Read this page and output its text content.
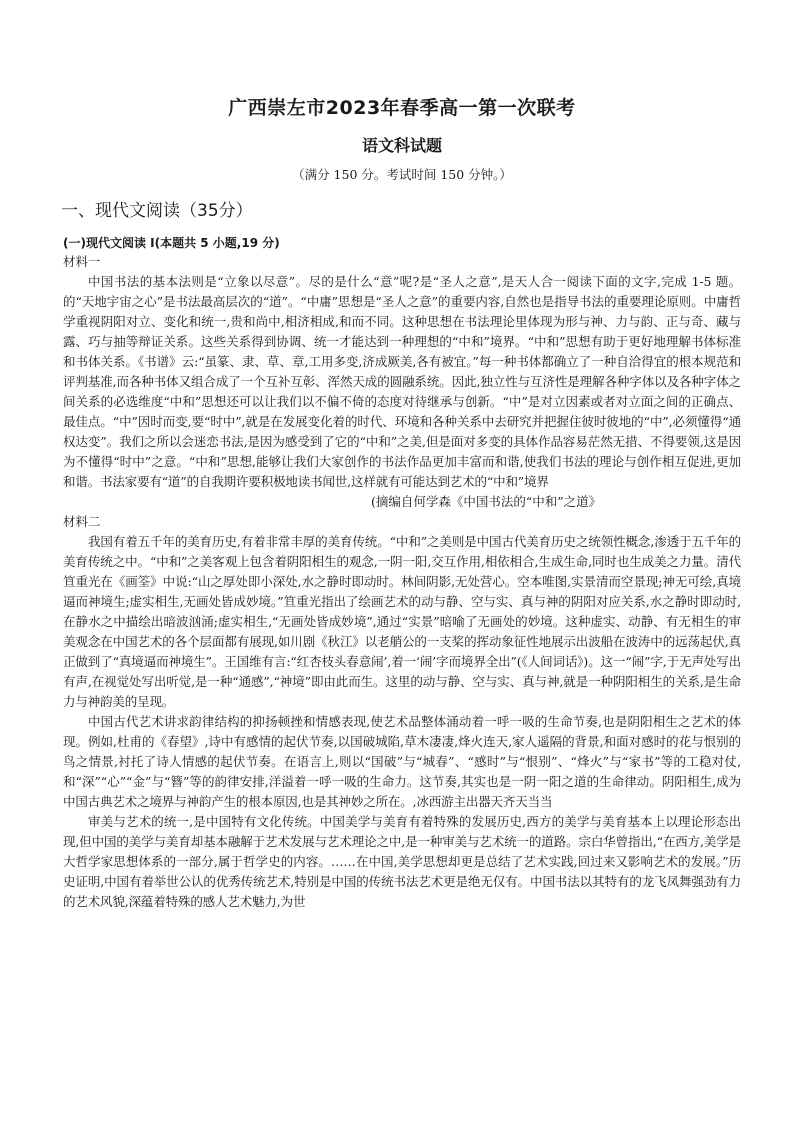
广西崇左市2023年春季高一第一次联考
语文科试题
（满分 150 分。考试时间 150 分钟。）
一、现代文阅读（35分）
(一)现代文阅读 I(本题共 5 小题,19 分)
材料一

中国书法的基本法则是“立象以尽意”。尽的是什么“意”呢?是“圣人之意”,是天人合一阅读下面的文字,完成 1-5 题。的“天地宇宙之心”是书法最高层次的“道”。“中庸”思想是“圣人之意”的重要内容,自然也是指导书法的重要理论原则。中庸哲学重视阴阳对立、变化和统一,贵和尚中,相济相成,和而不同。这种思想在书法理论里体现为形与神、力与韵、正与奇、藏与露、巧与抽等辩证关系。这些关系得到协调、统一才能达到一种理想的“中和”境界。“中和”思想有助于更好地理解书体标准和书体关系。《书谱》云:“虽篆、隶、草、章,工用多变,济成厥美,各有被宜。”每一种书体都确立了一种自洽得宜的根本规范和评判基准,而各种书体又组合成了一个互补互彰、浑然天成的圆融系统。因此,独立性与互济性是理解各种字体以及各种字体之间关系的必选维度“中和”思想还可以让我们以不偏不倚的态度对待继承与创新。“中”是对立因素或者对立面之间的正确点、最佳点。“中”因时而变,要“时中”,就是在发展变化着的时代、环境和各种关系中去研究并把握住彼时彼地的“中”,必须懂得“通权达变”。我们之所以会迷恋书法,是因为感受到了它的“中和”之美,但是面对多变的具体作品容易茫然无措、不得要领,这是因为不懂得“时中”之意。“中和”思想,能够让我们大家创作的书法作品更加丰富而和谐,使我们书法的理论与创作相互促进,更加和谐。书法家要有“道”的自我期许要积极地读书闻世,这样就有可能达到艺术的“中和”境界

(摘编自何学森《中国书法的“中和”之道》

材料二

我国有着五千年的美育历史,有着非常丰厚的美育传统。“中和”之美则是中国古代美育历史之统领性概念,渗透于五千年的美育传统之中。“中和”之美客观上包含着阴阳相生的观念,一阴一阳,交互作用,相依相合,生成生命,同时也生成美之力量。清代笪重光在《画筌》中说:“山之厚处即小深处,水之静时即动时。林间阴影,无处营心。空本唯图,实景清而空景现;神无可绘,真境逼而神境生;虚实相生,无画处皆成妙境。”笪重光指出了绘画艺术的动与静、空与实、真与神的阴阳对应关系,水之静时即动时,在静水之中描绘出暗波汹涌;虚实相生,“无画处皆成妙境”,通过“实景”暗喻了无画处的妙境。这种虚实、动静、有无相生的审美观念在中国艺术的各个层面都有展现,如川剧《秋江》以老艄公的一支桨的挥动象征性地展示出波船在波涛中的远荡起伏,真正做到了“真境逼而神境生”。王国维有言:“红杏枝头春意闹’,着一‘闹’字而境界全出”(《人间词话》)。这一“闹”字,于无声处写出有声,在视觉处写出听觉,是一种“通感”,“神境”即由此而生。这里的动与静、空与实、真与神,就是一种阴阳相生的关系,是生命力与神韵美的呈现。

中国古代艺术讲求韵律结构的抑扬顿挫和情感表现,使艺术品整体涌动着一呼一吸的生命节奏,也是阴阳相生之艺术的体现。例如,杜甫的《春望》,诗中有感情的起伏节奏,以国破城陷,草木凄凄,烽火连天,家人遥隔的背景,和面对感时的花与恨别的鸟之情景,衬托了诗人情感的起伏节奏。在语言上,则以“国破”与“城春”、“感时”与“恨别”、“烽火”与“家书”等的工稳对仗,和“深”“心”“金”与“簪”等的韵律安排,洋溢着一呼一吸的生命力。这节奏,其实也是一阴一阳之道的生命律动。阴阳相生,成为中国古典艺术之境界与神韵产生的根本原因,也是其神妙之所在。,冰西游主出器天齐天当当

审美与艺术的统一,是中国特有文化传统。中国美学与美育有着特殊的发展历史,西方的美学与美育基本上以理论形态出现,但中国的美学与美育却基本融解于艺术发展与艺术理论之中,是一种审美与艺术统一的道路。宗白华曾指出,“在西方,美学是大哲学家思想体系的一部分,属于哲学史的内容。……在中国,美学思想却更是总结了艺术实践,回过来又影响艺术的发展。”历史证明,中国有着举世公认的优秀传统艺术,特别是中国的传统书法艺术更是绝无仅有。中国书法以其特有的龙飞凤舞强劲有力的艺术风貌,深蕴着特殊的感人艺术魅力,为世
